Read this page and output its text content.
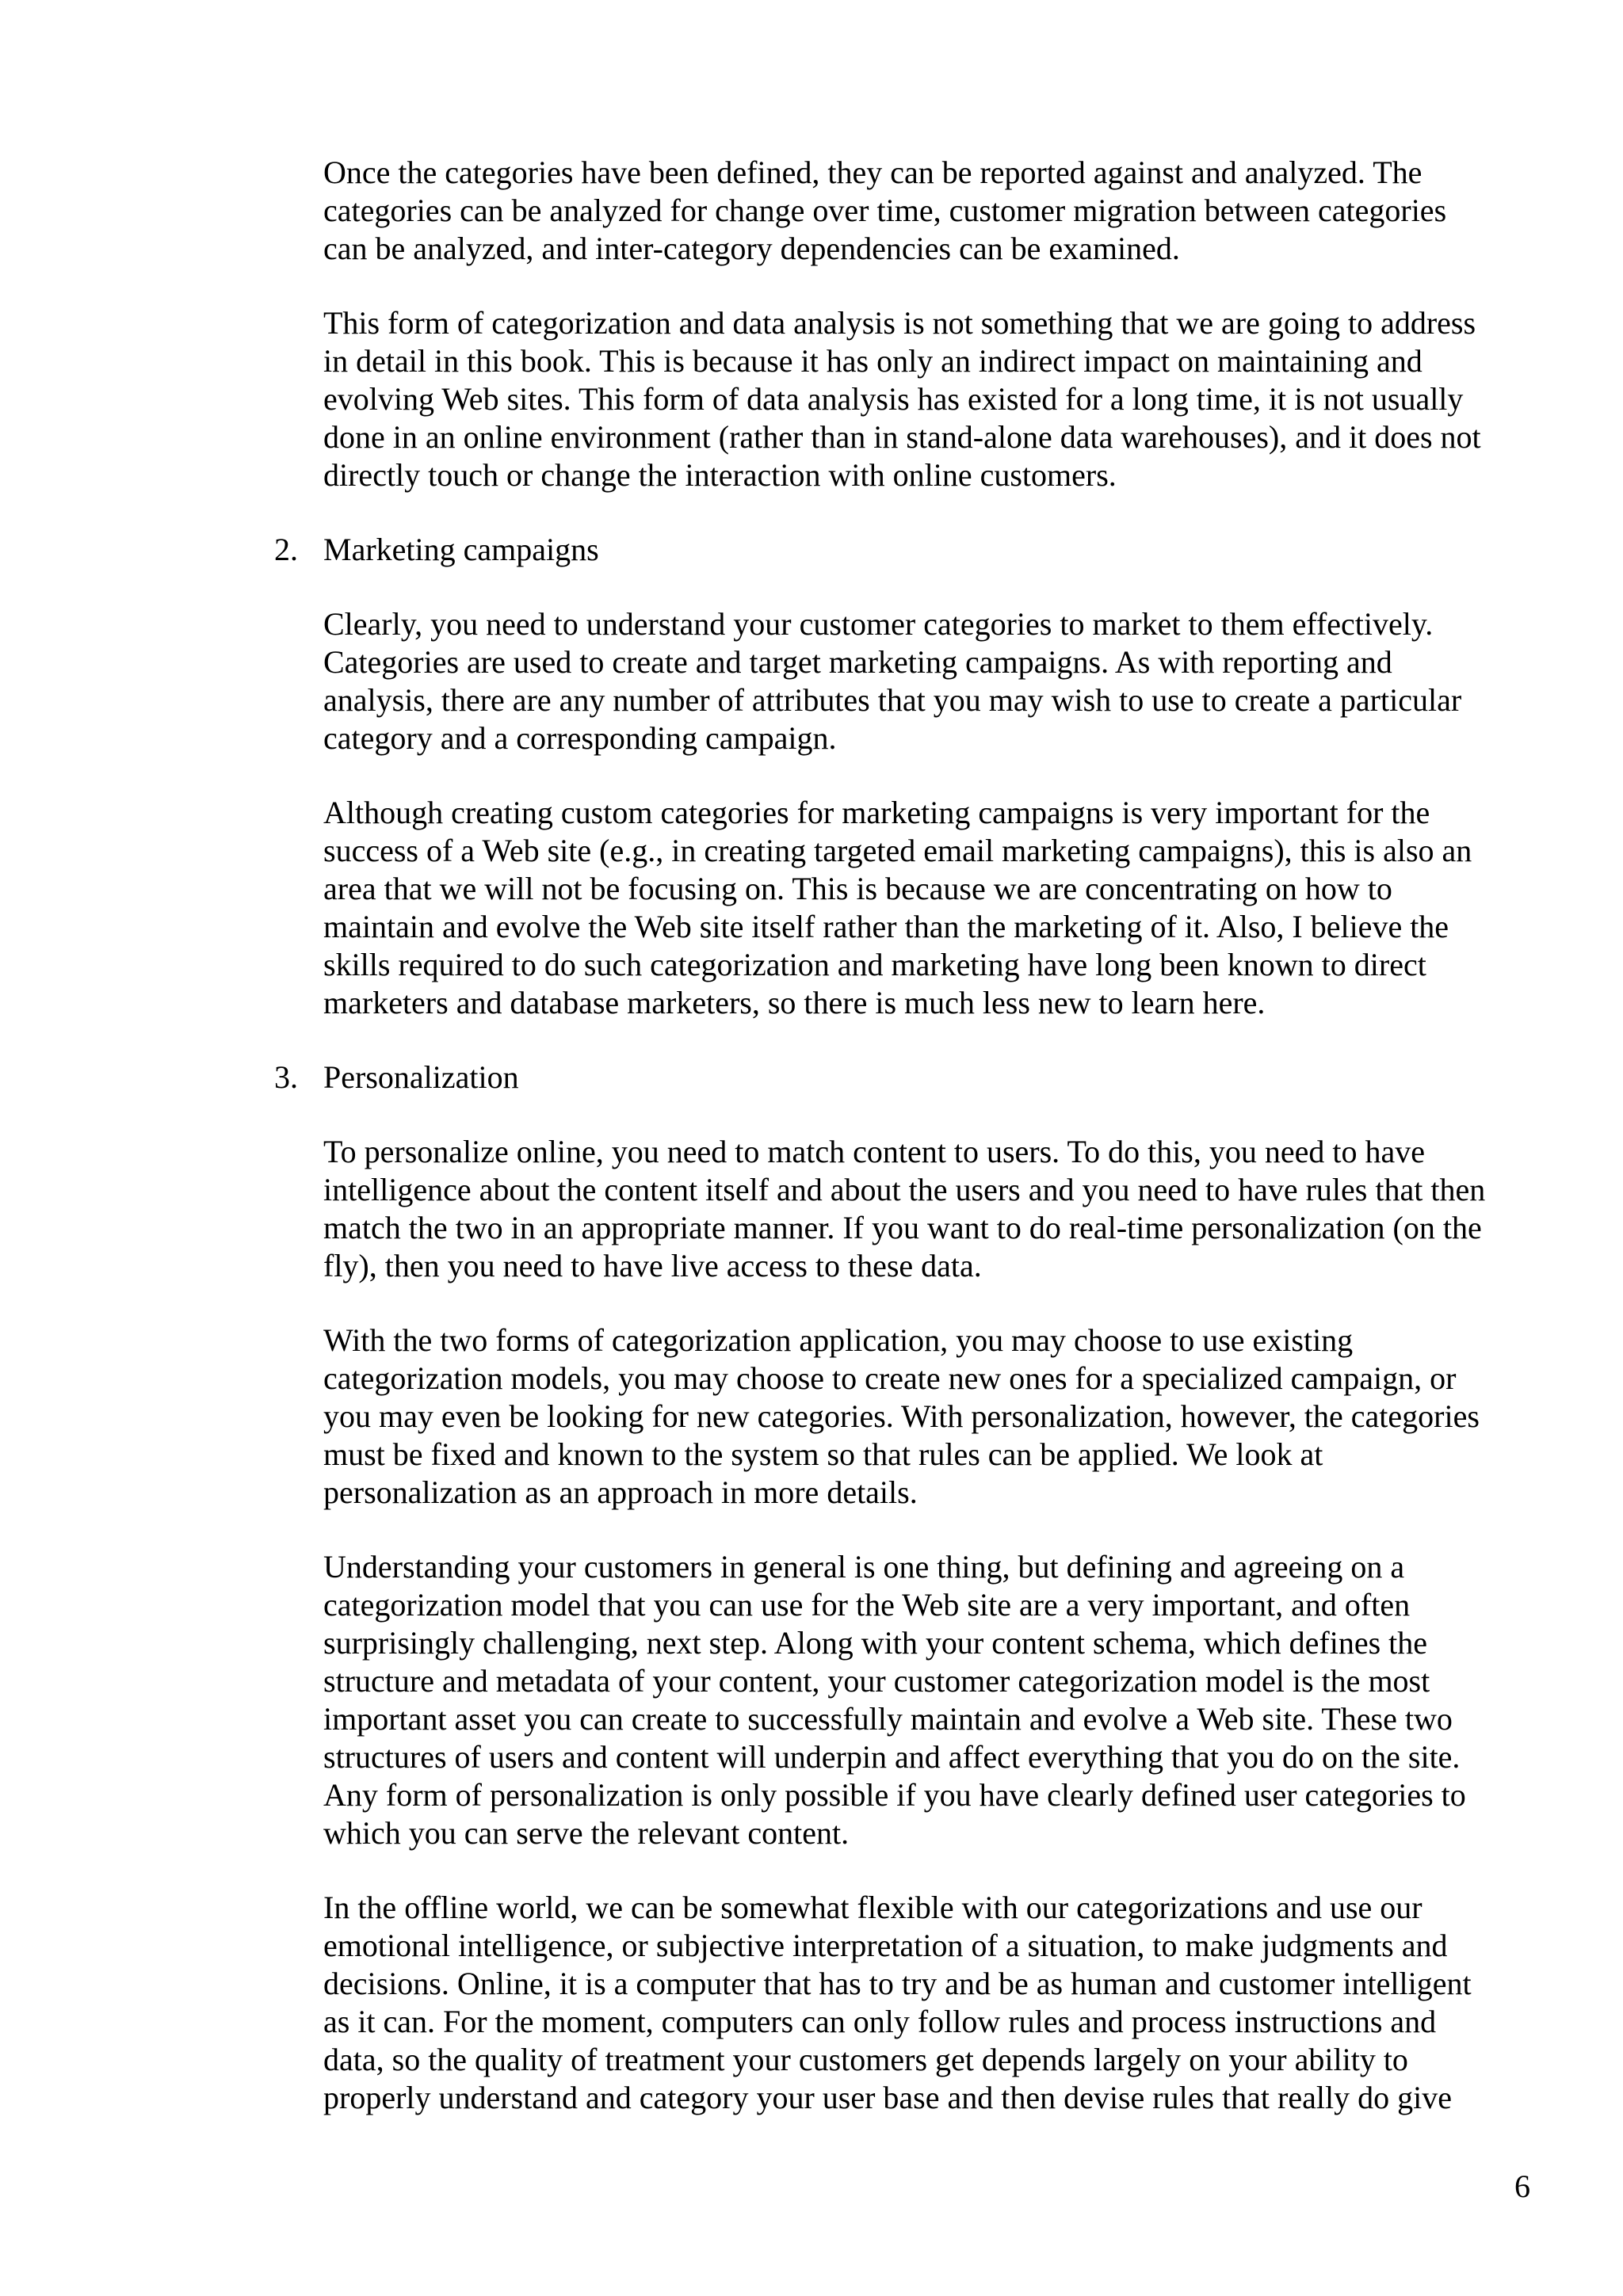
Once the categories have been defined, they can be reported against and analyzed. The
categories can be analyzed for change over time, customer migration between categories
can be analyzed, and inter-category dependencies can be examined.

This form of categorization and data analysis is not something that we are going to address
in detail in this book. This is because it has only an indirect impact on maintaining and
evolving Web sites. This form of data analysis has existed for a long time, it is not usually
done in an online environment (rather than in stand-alone data warehouses), and it does not
directly touch or change the interaction with online customers.

2. Marketing campaigns

Clearly, you need to understand your customer categories to market to them effectively.
Categories are used to create and target marketing campaigns. As with reporting and
analysis, there are any number of attributes that you may wish to use to create a particular
category and a corresponding campaign.

Although creating custom categories for marketing campaigns is very important for the
success of a Web site (e.g., in creating targeted email marketing campaigns), this is also an
area that we will not be focusing on. This is because we are concentrating on how to
maintain and evolve the Web site itself rather than the marketing of it. Also, I believe the
skills required to do such categorization and marketing have long been known to direct
marketers and database marketers, so there is much less new to learn here.

3. Personalization

To personalize online, you need to match content to users. To do this, you need to have
intelligence about the content itself and about the users and you need to have rules that then
match the two in an appropriate manner. If you want to do real-time personalization (on the
fly), then you need to have live access to these data.

With the two forms of categorization application, you may choose to use existing
categorization models, you may choose to create new ones for a specialized campaign, or
you may even be looking for new categories. With personalization, however, the categories
must be fixed and known to the system so that rules can be applied. We look at
personalization as an approach in more details.

Understanding your customers in general is one thing, but defining and agreeing on a
categorization model that you can use for the Web site are a very important, and often
surprisingly challenging, next step. Along with your content schema, which defines the
structure and metadata of your content, your customer categorization model is the most
important asset you can create to successfully maintain and evolve a Web site. These two
structures of users and content will underpin and affect everything that you do on the site.
Any form of personalization is only possible if you have clearly defined user categories to
which you can serve the relevant content.

In the offline world, we can be somewhat flexible with our categorizations and use our
emotional intelligence, or subjective interpretation of a situation, to make judgments and
decisions. Online, it is a computer that has to try and be as human and customer intelligent
as it can. For the moment, computers can only follow rules and process instructions and
data, so the quality of treatment your customers get depends largely on your ability to
properly understand and category your user base and then devise rules that really do give

6
